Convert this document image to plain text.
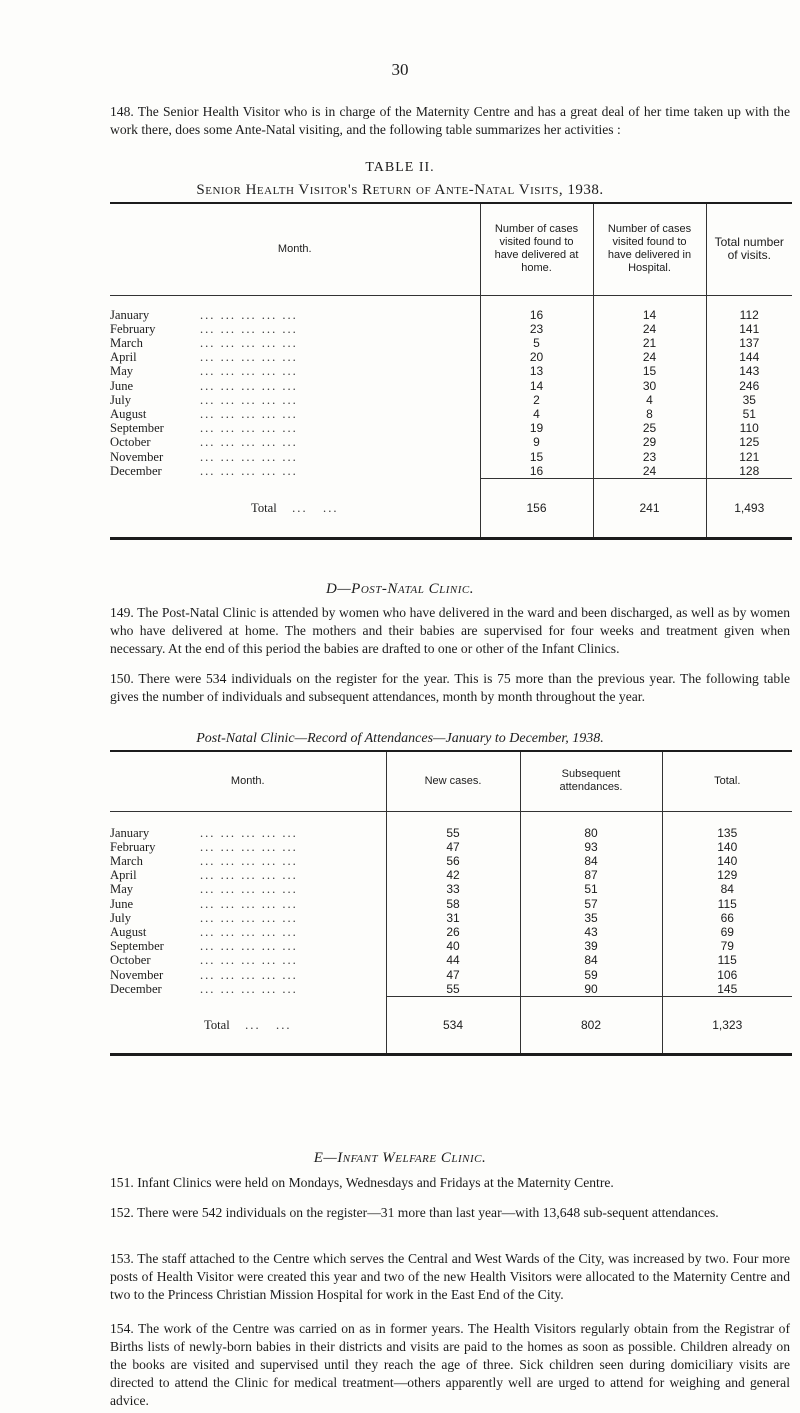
30

148. The Senior Health Visitor who is in charge of the Maternity Centre and has a great deal of her time taken up with the work there, does some Ante-Natal visiting, and the following table summarizes her activities :

TABLE II.
Senior Health Visitor's Return of Ante-Natal Visits, 1938.
Month.	Number of cases visited found to have delivered at home.	Number of cases visited found to have delivered in Hospital.	Total number of visits.
January ... ... ... ... ...	16	14	112
February ... ... ... ... ...	23	24	141
March ... ... ... ... ...	5	21	137
April ... ... ... ... ...	20	24	144
May ... ... ... ... ...	13	15	143
June ... ... ... ... ...	14	30	246
July ... ... ... ... ...	2	4	35
August ... ... ... ... ...	4	8	51
September ... ... ... ... ...	19	25	110
October ... ... ... ... ...	9	29	125
November ... ... ... ... ...	15	23	121
December ... ... ... ... ...	16	24	128
Total   ...   ...	156	241	1,493
D—Post-Natal Clinic.

149. The Post-Natal Clinic is attended by women who have delivered in the ward and been discharged, as well as by women who have delivered at home. The mothers and their babies are supervised for four weeks and treatment given when necessary. At the end of this period the babies are drafted to one or other of the Infant Clinics.

150. There were 534 individuals on the register for the year. This is 75 more than the previous year. The following table gives the number of individuals and subsequent attendances, month by month throughout the year.

Post-Natal Clinic—Record of Attendances—January to December, 1938.
Month.	New cases.	Subsequent attendances.	Total.
January ... ... ... ... ...	55	80	135
February ... ... ... ... ...	47	93	140
March ... ... ... ... ...	56	84	140
April ... ... ... ... ...	42	87	129
May ... ... ... ... ...	33	51	84
June ... ... ... ... ...	58	57	115
July ... ... ... ... ...	31	35	66
August ... ... ... ... ...	26	43	69
September ... ... ... ... ...	40	39	79
October ... ... ... ... ...	44	84	115
November ... ... ... ... ...	47	59	106
December ... ... ... ... ...	55	90	145
Total   ...   ...	534	802	1,323
E—Infant Welfare Clinic.

151. Infant Clinics were held on Mondays, Wednesdays and Fridays at the Maternity Centre.

152. There were 542 individuals on the register—31 more than last year—with 13,648 sub-sequent attendances.

153. The staff attached to the Centre which serves the Central and West Wards of the City, was increased by two. Four more posts of Health Visitor were created this year and two of the new Health Visitors were allocated to the Maternity Centre and two to the Princess Christian Mission Hospital for work in the East End of the City.

154. The work of the Centre was carried on as in former years. The Health Visitors regularly obtain from the Registrar of Births lists of newly-born babies in their districts and visits are paid to the homes as soon as possible. Children already on the books are visited and supervised until they reach the age of three. Sick children seen during domiciliary visits are directed to attend the Clinic for medical treatment—others apparently well are urged to attend for weighing and general advice.
